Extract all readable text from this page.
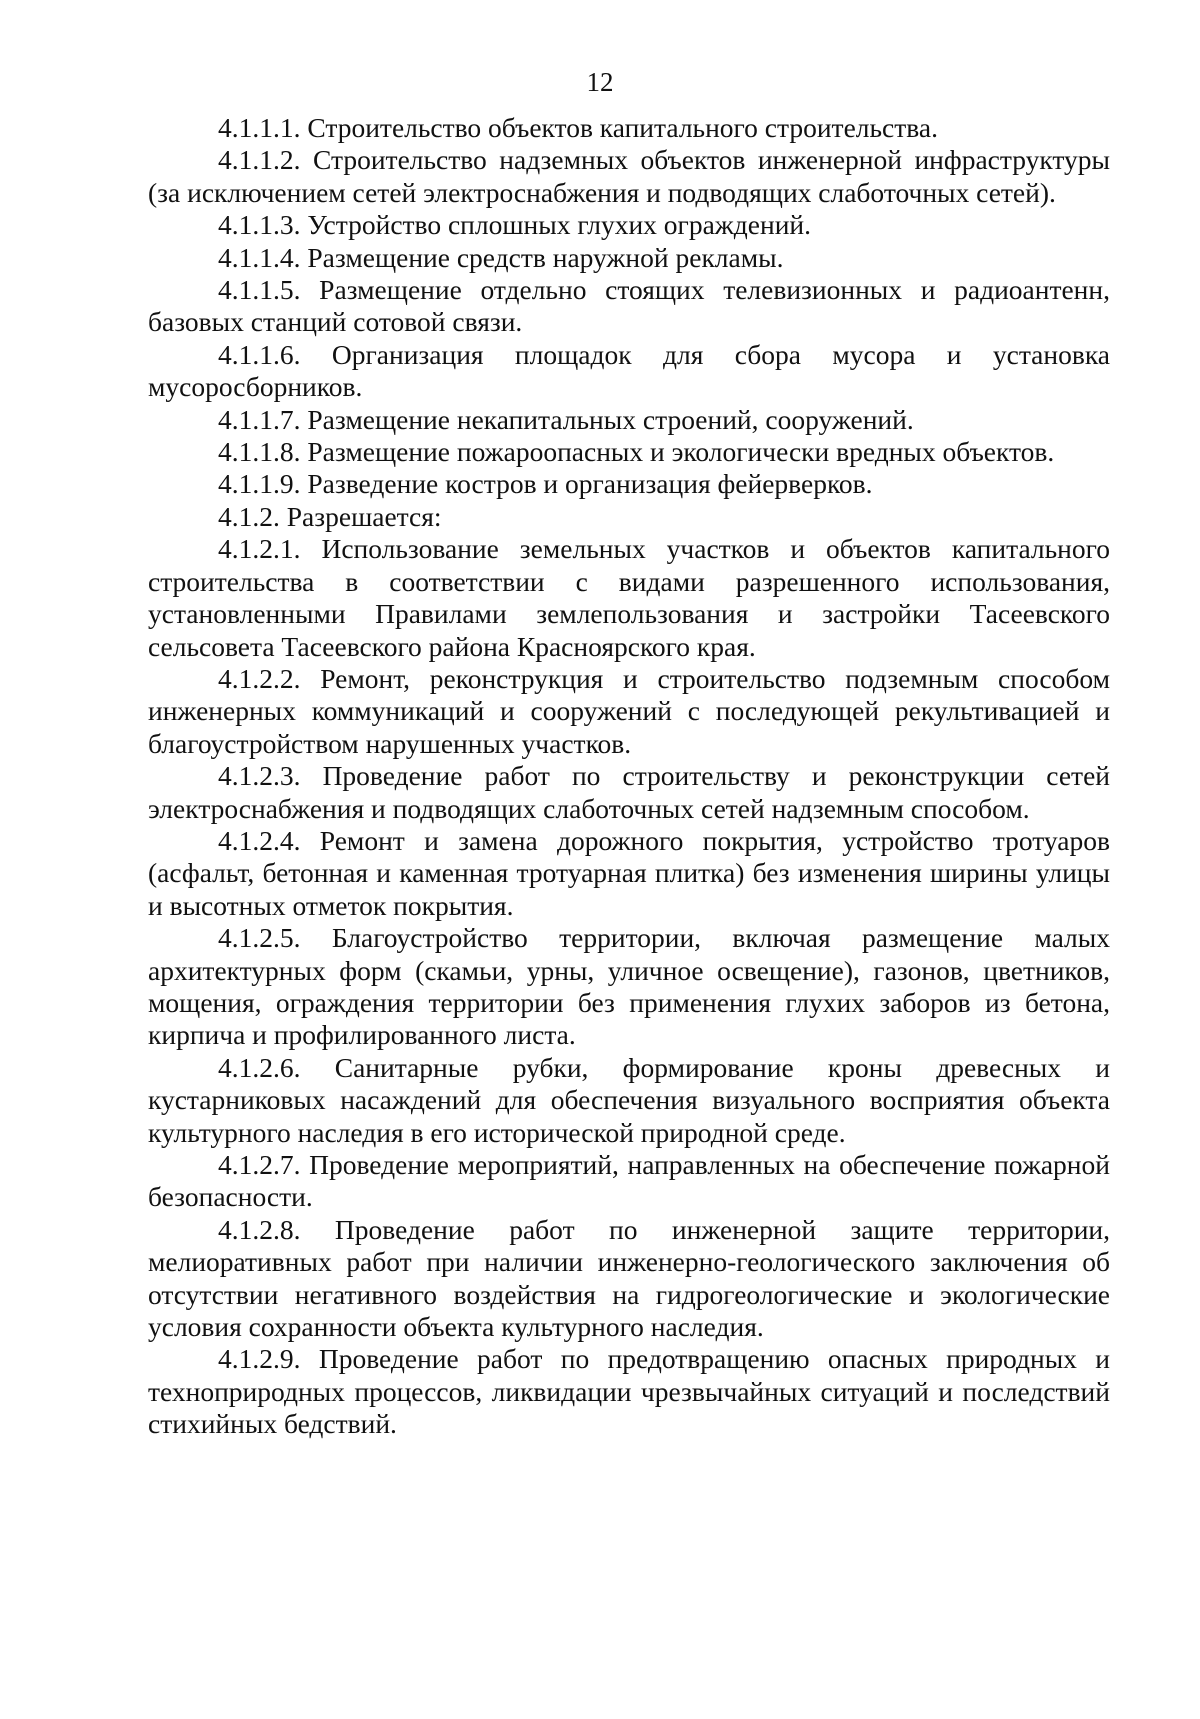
12

4.1.1.1. Строительство объектов капитального строительства.

4.1.1.2. Строительство надземных объектов инженерной инфраструктуры (за исключением сетей электроснабжения и подводящих слаботочных сетей).

4.1.1.3. Устройство сплошных глухих ограждений.

4.1.1.4. Размещение средств наружной рекламы.

4.1.1.5. Размещение отдельно стоящих телевизионных и радиоантенн, базовых станций сотовой связи.

4.1.1.6. Организация площадок для сбора мусора и установка мусоросборников.

4.1.1.7. Размещение некапитальных строений, сооружений.

4.1.1.8. Размещение пожароопасных и экологически вредных объектов.

4.1.1.9. Разведение костров и организация фейерверков.

4.1.2. Разрешается:

4.1.2.1. Использование земельных участков и объектов капитального строительства в соответствии с видами разрешенного использования, установленными Правилами землепользования и застройки Тасеевского сельсовета Тасеевского района Красноярского края.

4.1.2.2. Ремонт, реконструкция и строительство подземным способом инженерных коммуникаций и сооружений с последующей рекультивацией и благоустройством нарушенных участков.

4.1.2.3. Проведение работ по строительству и реконструкции сетей электроснабжения и подводящих слаботочных сетей надземным способом.

4.1.2.4. Ремонт и замена дорожного покрытия, устройство тротуаров (асфальт, бетонная и каменная тротуарная плитка) без изменения ширины улицы и высотных отметок покрытия.

4.1.2.5. Благоустройство территории, включая размещение малых архитектурных форм (скамьи, урны, уличное освещение), газонов, цветников, мощения, ограждения территории без применения глухих заборов из бетона, кирпича и профилированного листа.

4.1.2.6. Санитарные рубки, формирование кроны древесных и кустарниковых насаждений для обеспечения визуального восприятия объекта культурного наследия в его исторической природной среде.

4.1.2.7. Проведение мероприятий, направленных на обеспечение пожарной безопасности.

4.1.2.8. Проведение работ по инженерной защите территории, мелиоративных работ при наличии инженерно-геологического заключения об отсутствии негативного воздействия на гидрогеологические и экологические условия сохранности объекта культурного наследия.

4.1.2.9. Проведение работ по предотвращению опасных природных и технoприродных процессов, ликвидации чрезвычайных ситуаций и последствий стихийных бедствий.
